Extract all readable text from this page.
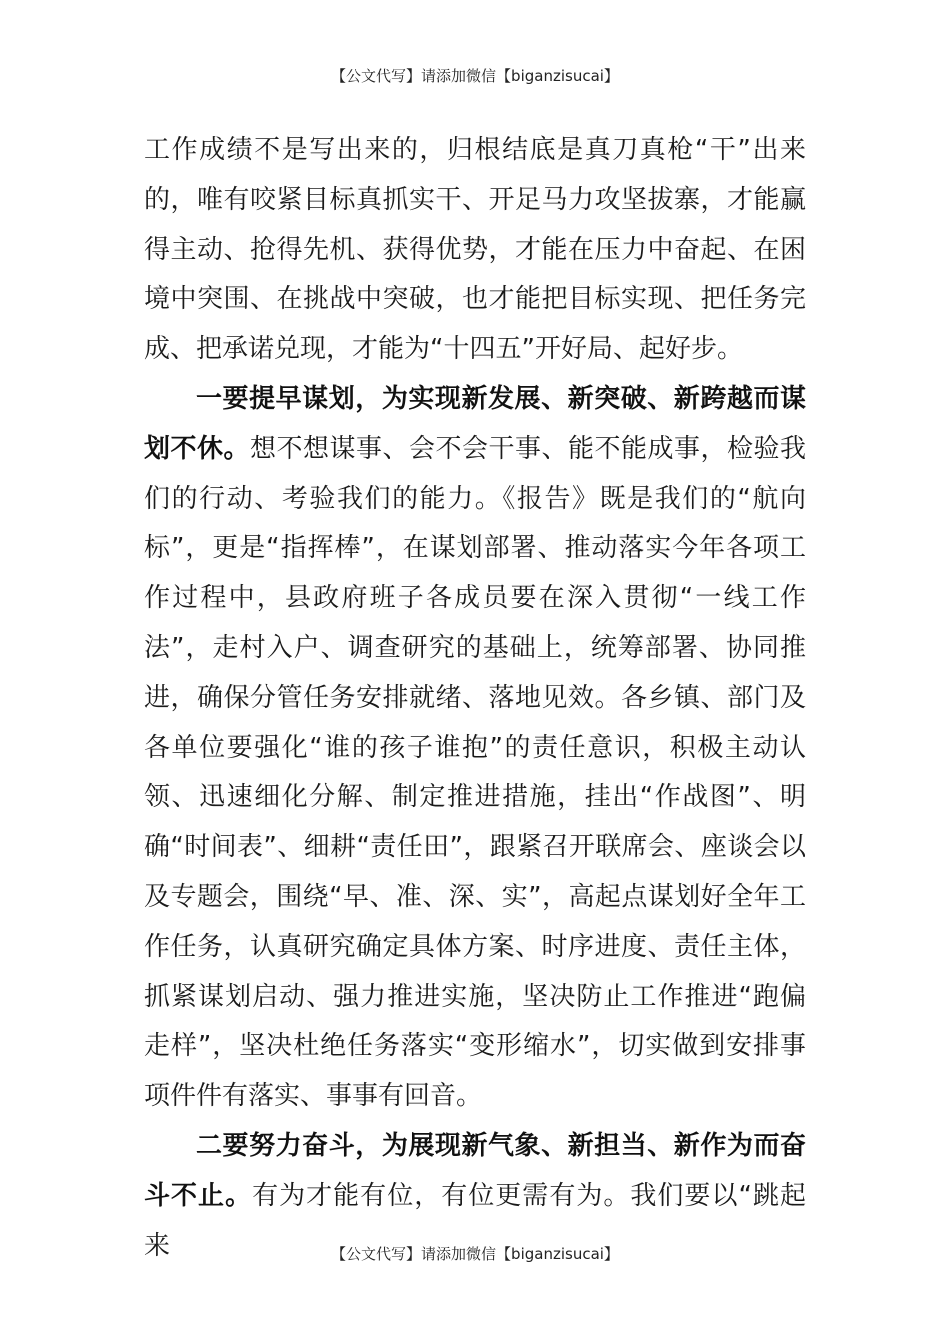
【公文代写】请添加微信【biganzisucai】

工作成绩不是写出来的，归根结底是真刀真枪“干”出来的，唯有咬紧目标真抓实干、开足马力攻坚拔寨，才能赢得主动、抢得先机、获得优势，才能在压力中奋起、在困境中突围、在挑战中突破，也才能把目标实现、把任务完成、把承诺兑现，才能为“十四五”开好局、起好步。

一要提早谋划，为实现新发展、新突破、新跨越而谋划不休。想不想谋事、会不会干事、能不能成事，检验我们的行动、考验我们的能力。《报告》既是我们的“航向标”，更是“指挥棒”，在谋划部署、推动落实今年各项工作过程中，县政府班子各成员要在深入贯彻“一线工作法”，走村入户、调查研究的基础上，统筹部署、协同推进，确保分管任务安排就绪、落地见效。各乡镇、部门及各单位要强化“谁的孩子谁抱”的责任意识，积极主动认领、迅速细化分解、制定推进措施，挂出“作战图”、明确“时间表”、细耕“责任田”，跟紧召开联席会、座谈会以及专题会，围绕“早、准、深、实”，高起点谋划好全年工作任务，认真研究确定具体方案、时序进度、责任主体，抓紧谋划启动、强力推进实施，坚决防止工作推进“跑偏走样”，坚决杜绝任务落实“变形缩水”，切实做到安排事项件件有落实、事事有回音。

二要努力奋斗，为展现新气象、新担当、新作为而奋斗不止。有为才能有位，有位更需有为。我们要以“跳起来	【公文代写】请添加微信【biganzisucai】
